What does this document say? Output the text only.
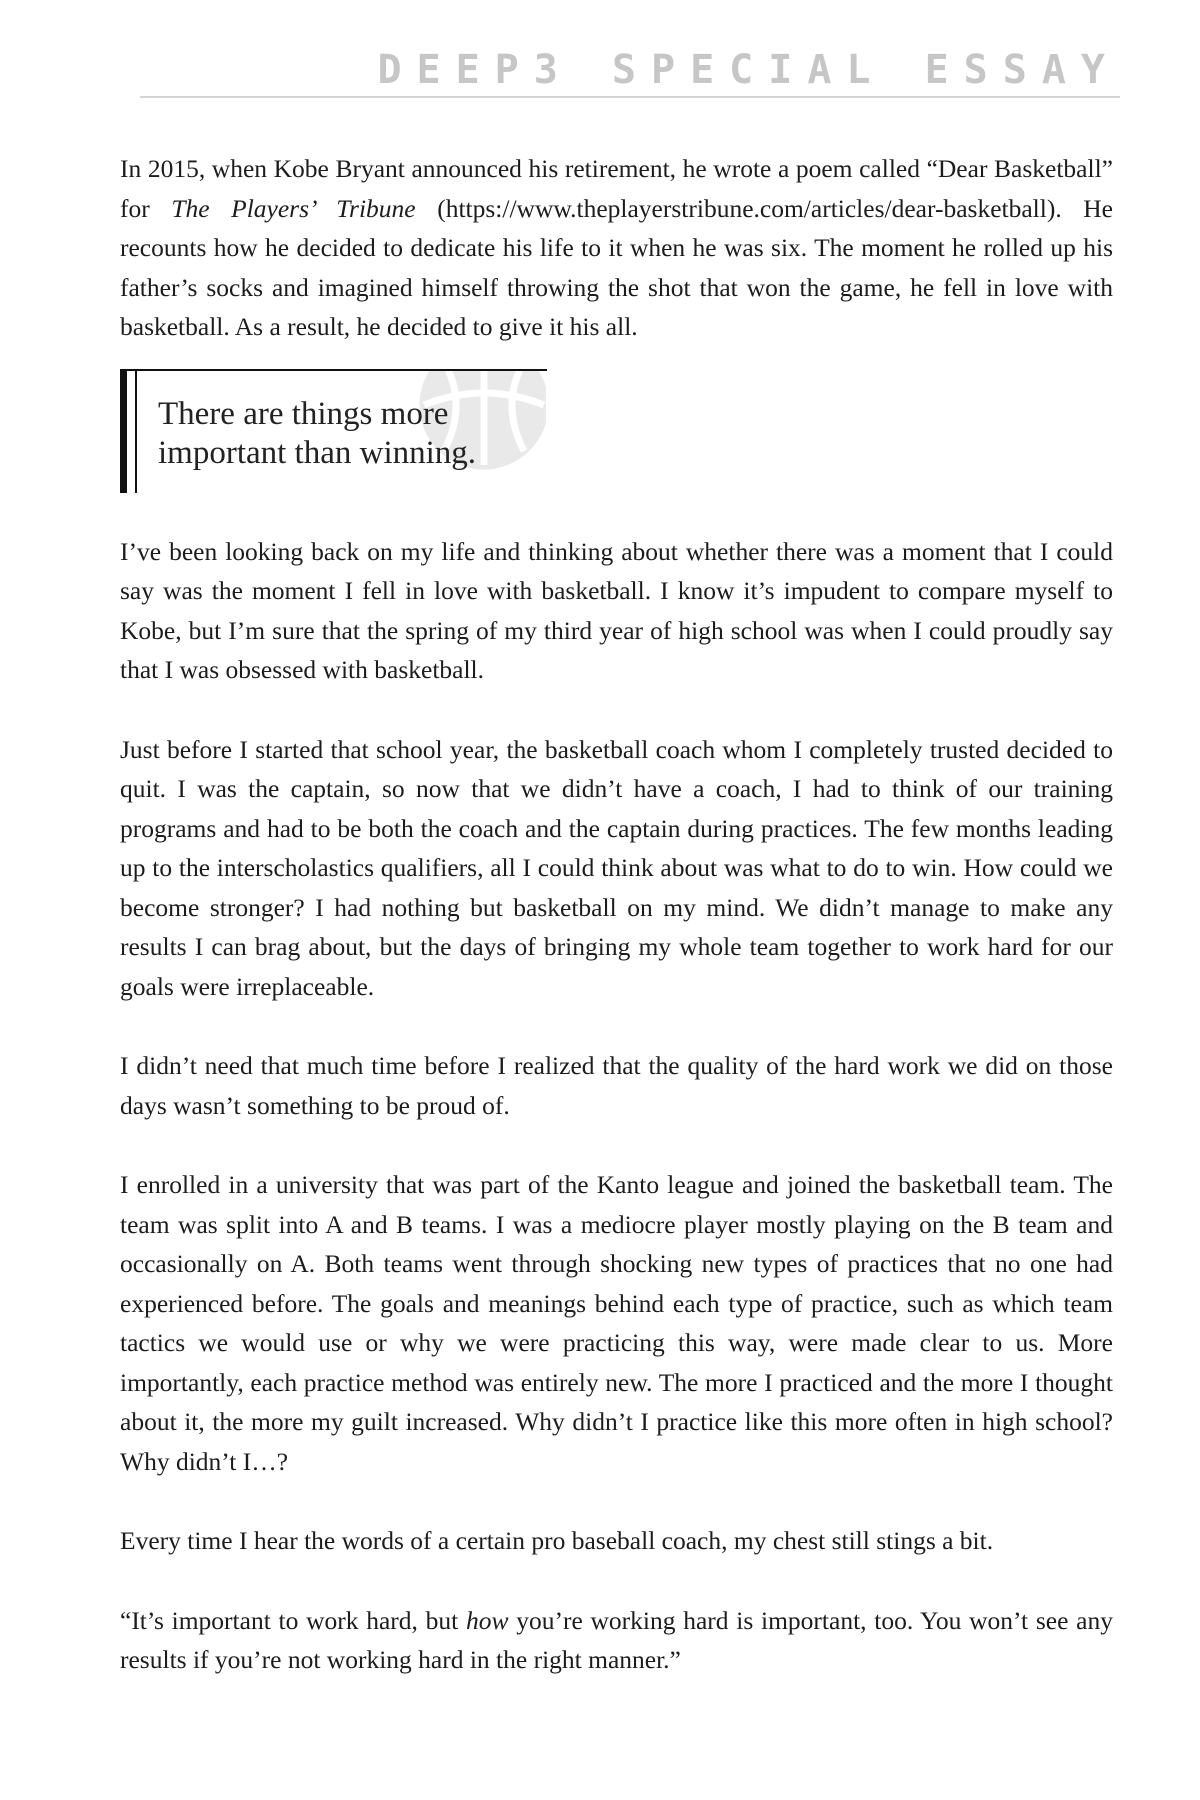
DEEP3 SPECIAL ESSAY

In 2015, when Kobe Bryant announced his retirement, he wrote a poem called “Dear Basketball” for The Players’ Tribune (https://www.theplayerstribune.com/articles/dear-basketball). He recounts how he decided to dedicate his life to it when he was six. The moment he rolled up his father’s socks and imagined himself throwing the shot that won the game, he fell in love with basketball. As a result, he decided to give it his all.

There are things more
important than winning.

I’ve been looking back on my life and thinking about whether there was a moment that I could say was the moment I fell in love with basketball. I know it’s impudent to compare myself to Kobe, but I’m sure that the spring of my third year of high school was when I could proudly say that I was obsessed with basketball.

Just before I started that school year, the basketball coach whom I completely trusted decided to quit. I was the captain, so now that we didn’t have a coach, I had to think of our training programs and had to be both the coach and the captain during practices. The few months leading up to the interscholastics qualifiers, all I could think about was what to do to win. How could we become stronger? I had nothing but basketball on my mind. We didn’t manage to make any results I can brag about, but the days of bringing my whole team together to work hard for our goals were irreplaceable.

I didn’t need that much time before I realized that the quality of the hard work we did on those days wasn’t something to be proud of.

I enrolled in a university that was part of the Kanto league and joined the basketball team. The team was split into A and B teams. I was a mediocre player mostly playing on the B team and occasionally on A. Both teams went through shocking new types of practices that no one had experienced before. The goals and meanings behind each type of practice, such as which team tactics we would use or why we were practicing this way, were made clear to us. More importantly, each practice method was entirely new. The more I practiced and the more I thought about it, the more my guilt increased. Why didn’t I practice like this more often in high school? Why didn’t I…?

Every time I hear the words of a certain pro baseball coach, my chest still stings a bit.

“It’s important to work hard, but how you’re working hard is important, too. You won’t see any results if you’re not working hard in the right manner.”
